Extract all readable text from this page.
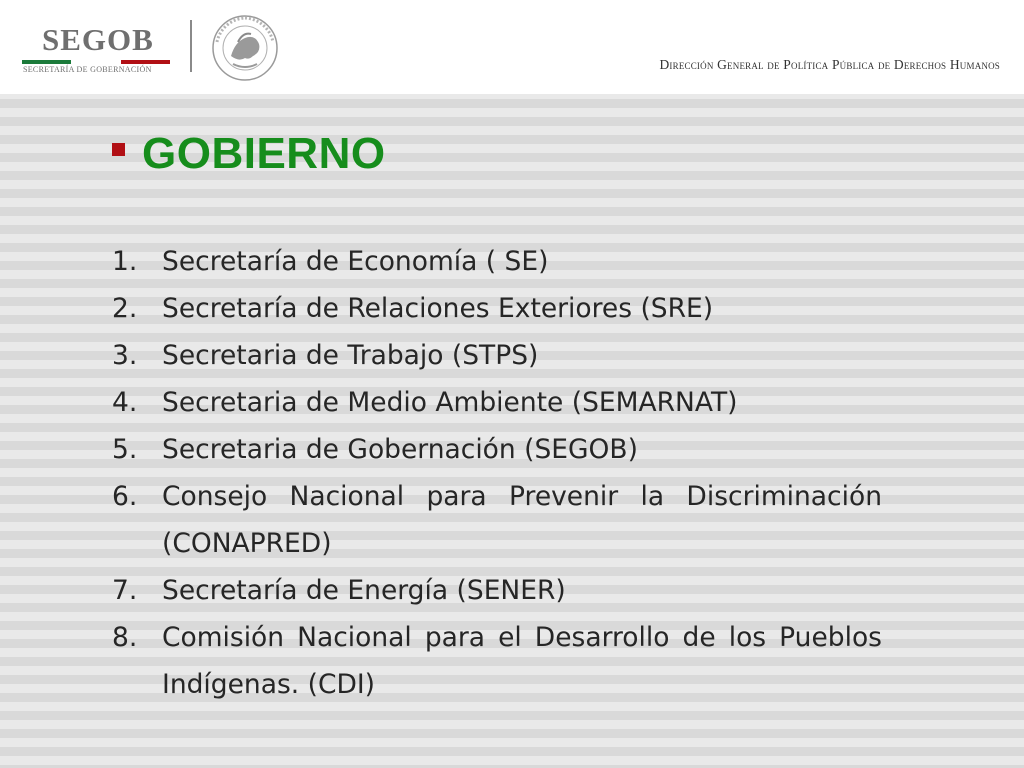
SEGOB
SECRETARÍA DE GOBERNACIÓN	Dirección General de Política Pública de Derechos Humanos
GOBIERNO
1. Secretaría de Economía ( SE)
2. Secretaría de Relaciones Exteriores (SRE)
3. Secretaria de Trabajo (STPS)
4. Secretaria de Medio Ambiente (SEMARNAT)
5. Secretaria de Gobernación (SEGOB)
6. Consejo Nacional para Prevenir la Discriminación (CONAPRED)
7. Secretaría de Energía (SENER)
8. Comisión Nacional para el Desarrollo de los Pueblos Indígenas. (CDI)
